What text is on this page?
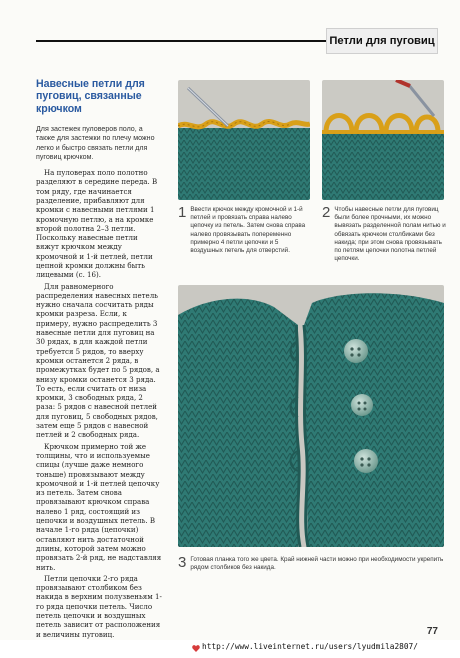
Петли для пуговиц
Навесные петли для пуговиц, связанные крючком

Для застежек пуловеров поло, а также для застежки по плечу можно легко и быстро связать петли для пуговиц крючком.

На пуловерах поло полотно разделяют в середине переда. В том ряду, где начинается разделение, прибавляют для кромки с навесными петлями 1 кромочную петлю, а на кромке второй полотна 2–3 петли. Поскольку навесные петли вяжут крючком между кромочной и 1-й петлей, петли цепной кромки должны быть лицевыми (с. 16).

Для равномерного распределения навесных петель нужно сначала сосчитать ряды кромки разреза. Если, к примеру, нужно распределить 3 навесные петли для пуговиц на 30 рядах, в для каждой петли требуется 5 рядов, то вверху кромки останется 2 ряда, в промежутках будет по 5 рядов, а внизу кромки останется 3 ряда. То есть, если считать от низа кромки, 3 свободных ряда, 2 раза: 5 рядов с навесной петлей для пуговиц, 5 свободных рядов, затем еще 5 рядов с навесной петлей и 2 свободных ряда.

Крючком примерно той же толщины, что и используемые спицы (лучше даже немного тоньше) провязывают между кромочной и 1-й петлей цепочку из петель. Затем снова провязывают крючком справа налево 1 ряд, состоящий из цепочки и воздушных петель. В начале 1-го ряда (цепочки) оставляют нить достаточной длины, которой затем можно провязать 2-й ряд, не надставляя нить.

Петли цепочки 2-го ряда провязывают столбиком без накида в верхним полузвеньям 1-го ряда цепочки петель. Число петель цепочки и воздушных петель зависит от расположения и величины пуговиц.

1 Ввести крючок между кромочной и 1-й петлей и провязать справа налево цепочку из петель. Затем снова справа налево провязывать попеременно примерно 4 петли цепочки и 5 воздушных петель для отверстий.
2 Чтобы навесные петли для пуговиц были более прочными, их можно вывязать разделенной полам нитью и обвязать крючком столбиками без накида; при этом снова провязывать по петлям цепочки полотна петлей цепочки.
3 Готовая планка того же цвета. Край нижней части можно при необходимости укрепить рядом столбиков без накида.
77
http://www.liveinternet.ru/users/lyudmila2807/
